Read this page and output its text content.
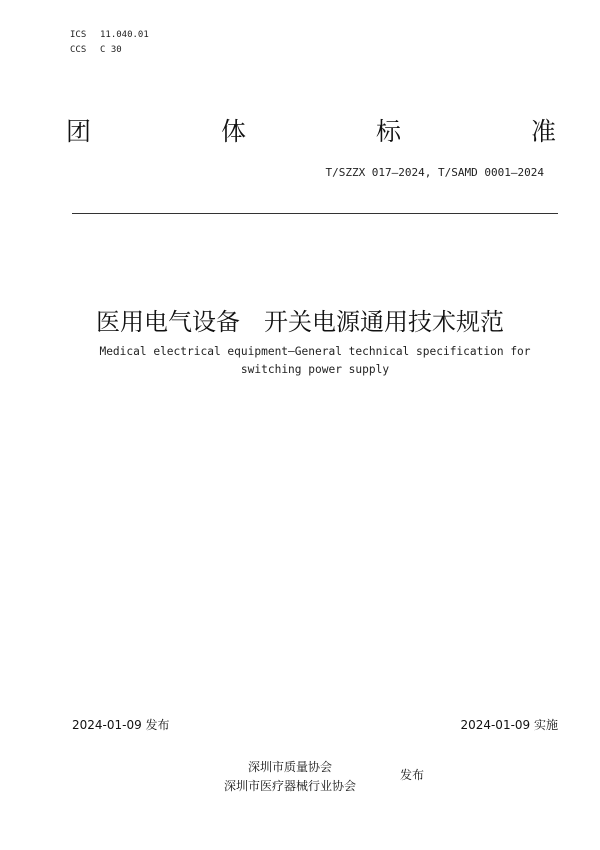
ICS	11.040.01
CCS	C 30
团	体	标	准
T/SZZX 017—2024, T/SAMD 0001—2024
医用电气设备 开关电源通用技术规范
Medical electrical equipment—General technical specification for
switching power supply
2024-01-09 发布	2024-01-09 实施
深圳市质量协会
深圳市医疗器械行业协会
发布
